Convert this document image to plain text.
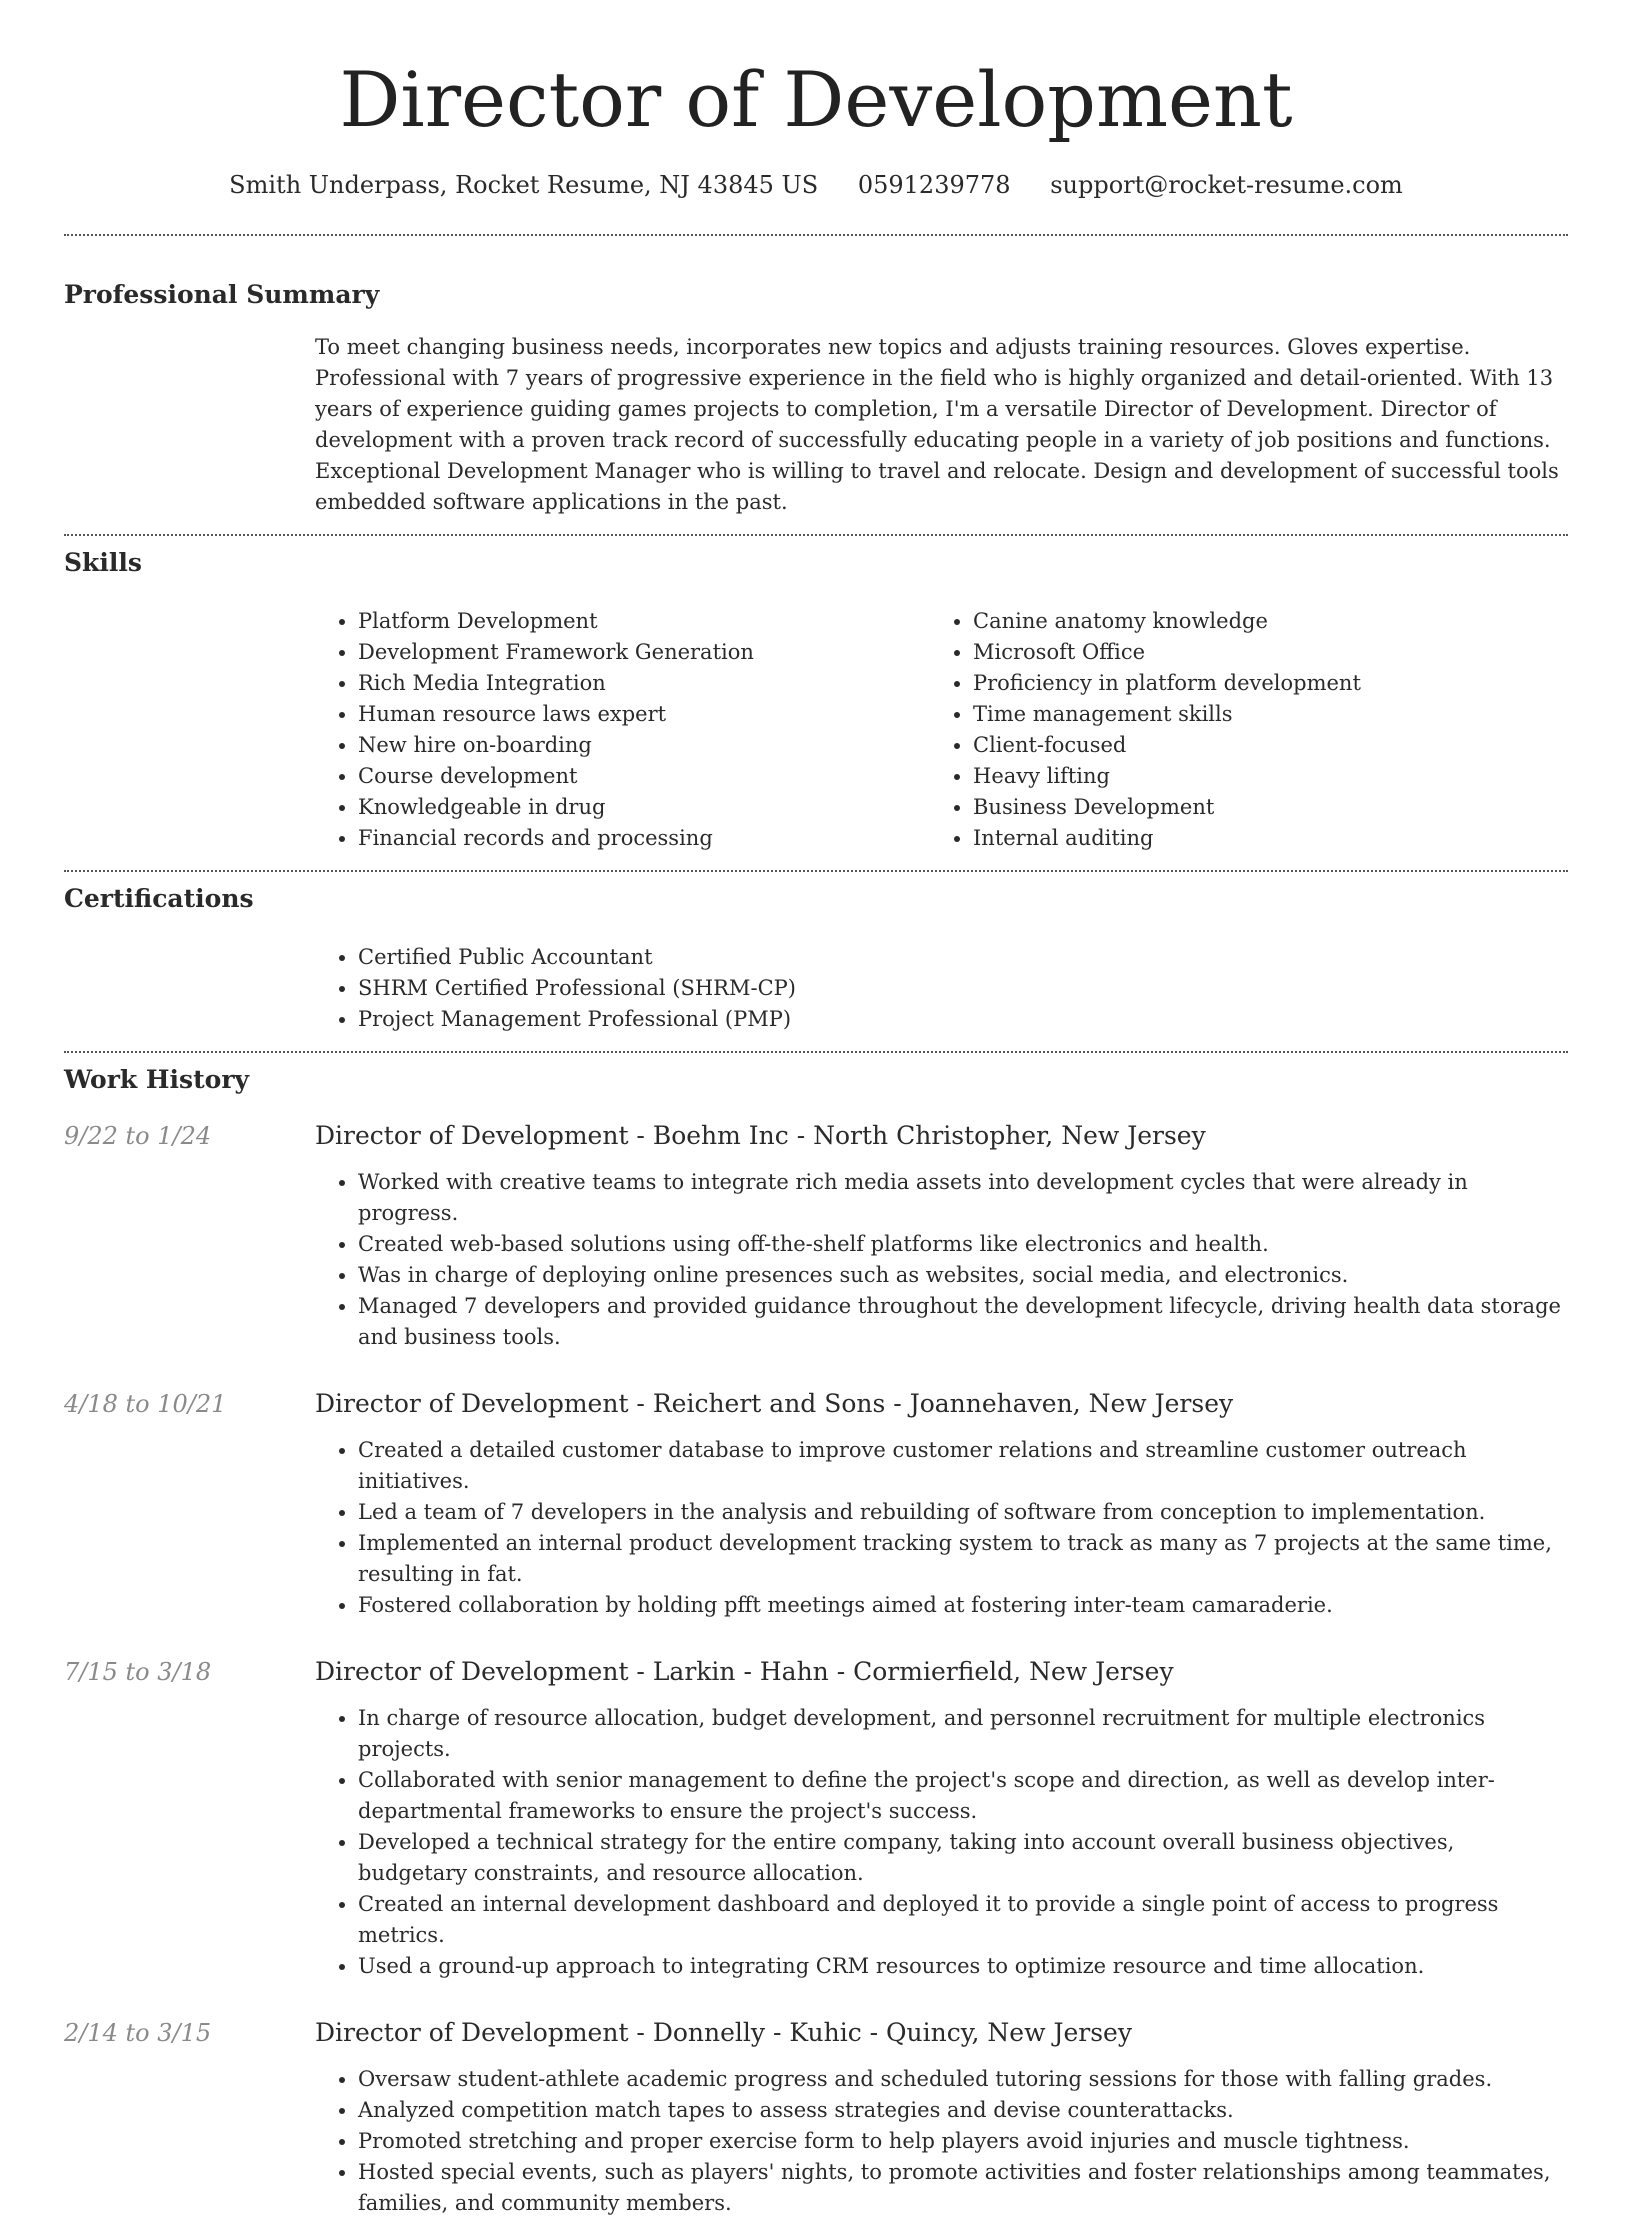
Director of Development
Smith Underpass, Rocket Resume, NJ 43845 US 0591239778 support@rocket-resume.com
Professional Summary

To meet changing business needs, incorporates new topics and adjusts training resources. Gloves expertise. Professional with 7 years of progressive experience in the field who is highly organized and detail-oriented. With 13 years of experience guiding games projects to completion, I'm a versatile Director of Development. Director of development with a proven track record of successfully educating people in a variety of job positions and functions. Exceptional Development Manager who is willing to travel and relocate. Design and development of successful tools embedded software applications in the past.

Skills
• Platform Development
• Development Framework Generation
• Rich Media Integration
• Human resource laws expert
• New hire on-boarding
• Course development
• Knowledgeable in drug
• Financial records and processing
• Canine anatomy knowledge
• Microsoft Office
• Proficiency in platform development
• Time management skills
• Client-focused
• Heavy lifting
• Business Development
• Internal auditing
Certifications
• Certified Public Accountant
• SHRM Certified Professional (SHRM-CP)
• Project Management Professional (PMP)
Work History
9/22 to 1/24	Director of Development - Boehm Inc - North Christopher, New Jersey
• Worked with creative teams to integrate rich media assets into development cycles that were already in progress.
• Created web-based solutions using off-the-shelf platforms like electronics and health.
• Was in charge of deploying online presences such as websites, social media, and electronics.
• Managed 7 developers and provided guidance throughout the development lifecycle, driving health data storage and business tools.
4/18 to 10/21	Director of Development - Reichert and Sons - Joannehaven, New Jersey
• Created a detailed customer database to improve customer relations and streamline customer outreach initiatives.
• Led a team of 7 developers in the analysis and rebuilding of software from conception to implementation.
• Implemented an internal product development tracking system to track as many as 7 projects at the same time, resulting in fat.
• Fostered collaboration by holding pfft meetings aimed at fostering inter-team camaraderie.
7/15 to 3/18	Director of Development - Larkin - Hahn - Cormierfield, New Jersey
• In charge of resource allocation, budget development, and personnel recruitment for multiple electronics projects.
• Collaborated with senior management to define the project's scope and direction, as well as develop inter-departmental frameworks to ensure the project's success.
• Developed a technical strategy for the entire company, taking into account overall business objectives, budgetary constraints, and resource allocation.
• Created an internal development dashboard and deployed it to provide a single point of access to progress metrics.
• Used a ground-up approach to integrating CRM resources to optimize resource and time allocation.
2/14 to 3/15	Director of Development - Donnelly - Kuhic - Quincy, New Jersey
• Oversaw student-athlete academic progress and scheduled tutoring sessions for those with falling grades.
• Analyzed competition match tapes to assess strategies and devise counterattacks.
• Promoted stretching and proper exercise form to help players avoid injuries and muscle tightness.
• Hosted special events, such as players' nights, to promote activities and foster relationships among teammates, families, and community members.
